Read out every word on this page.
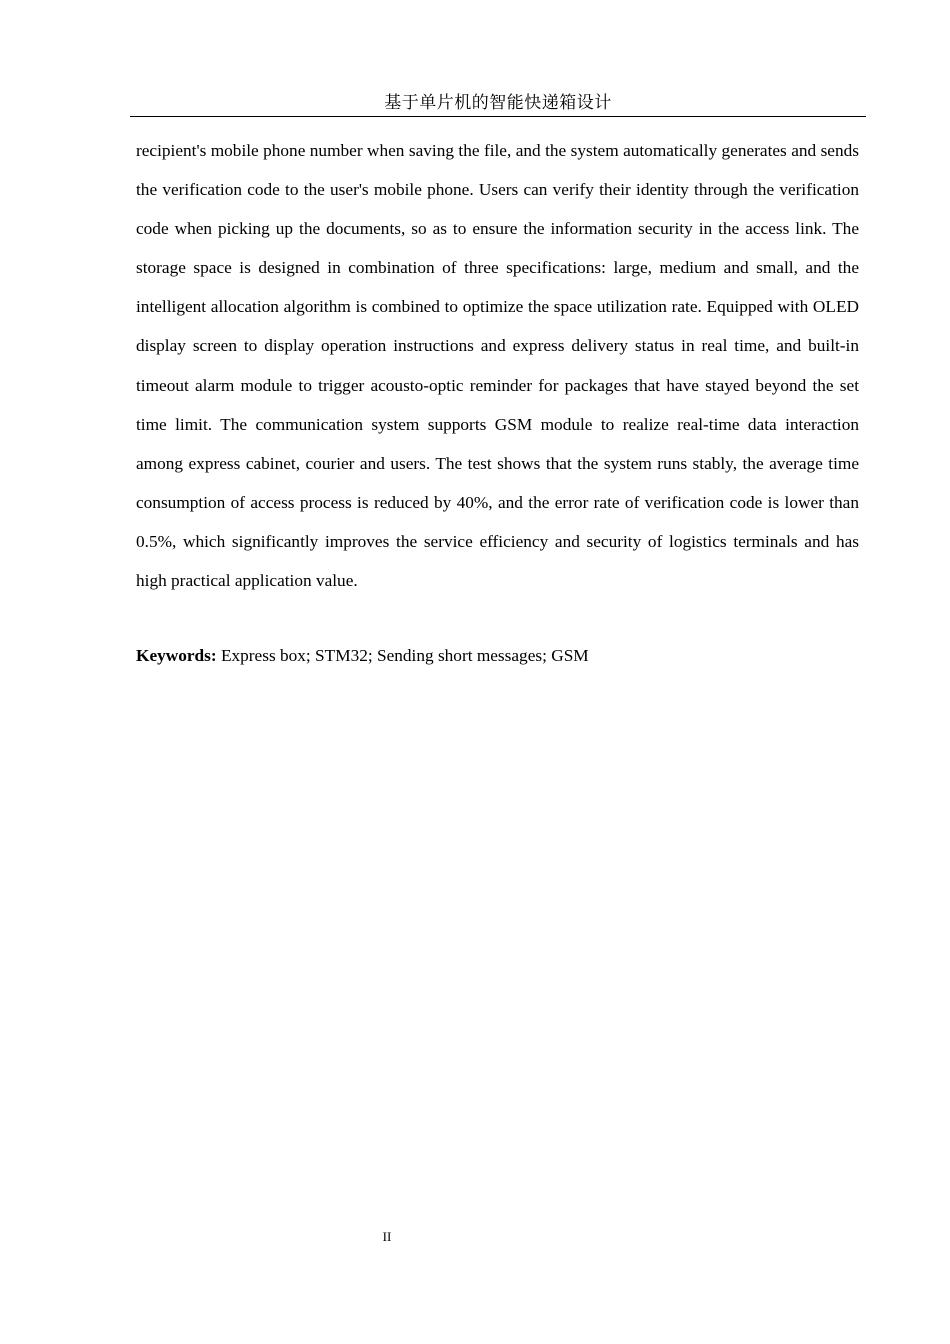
基于单片机的智能快递箱设计

recipient's mobile phone number when saving the file, and the system automatically generates and sends the verification code to the user's mobile phone. Users can verify their identity through the verification code when picking up the documents, so as to ensure the information security in the access link. The storage space is designed in combination of three specifications: large, medium and small, and the intelligent allocation algorithm is combined to optimize the space utilization rate. Equipped with OLED display screen to display operation instructions and express delivery status in real time, and built-in timeout alarm module to trigger acousto-optic reminder for packages that have stayed beyond the set time limit. The communication system supports GSM module to realize real-time data interaction among express cabinet, courier and users. The test shows that the system runs stably, the average time consumption of access process is reduced by 40%, and the error rate of verification code is lower than 0.5%, which significantly improves the service efficiency and security of logistics terminals and has high practical application value.

Keywords: Express box; STM32; Sending short messages; GSM

II
